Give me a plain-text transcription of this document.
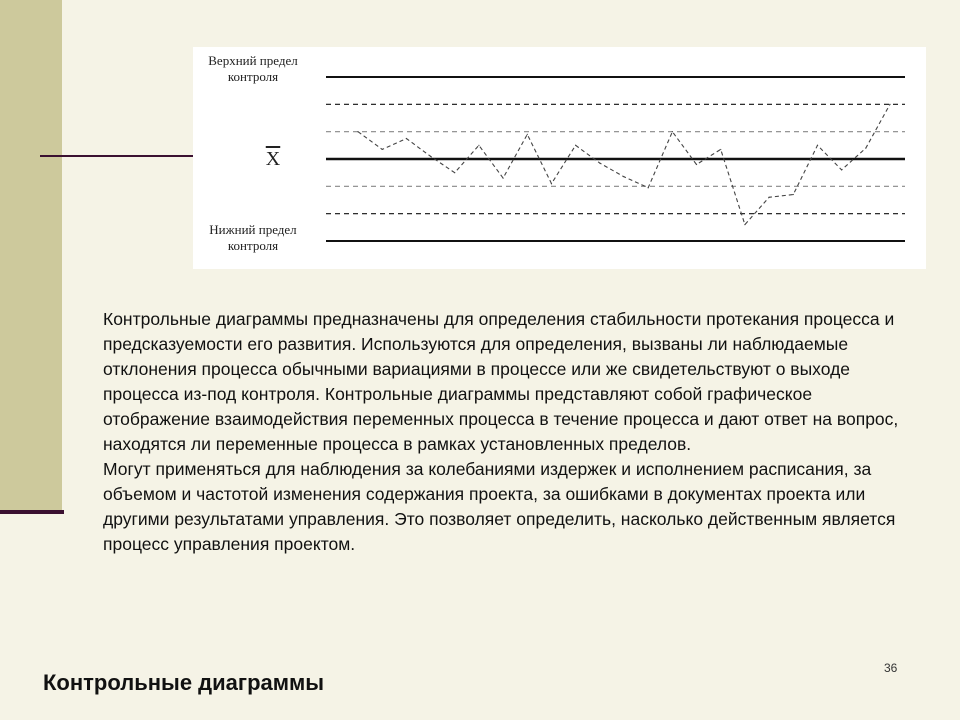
Верхний предел
контроля
$\overline{X}$
Нижний предел
контроля

Контрольные диаграммы предназначены для определения стабильности протекания процесса и предсказуемости его развития. Используются для определения, вызваны ли наблюдаемые отклонения процесса обычными вариациями в процессе или же свидетельствуют о выходе процесса из-под контроля. Контрольные диаграммы представляют собой графическое отображение взаимодействия переменных процесса в течение процесса и дают ответ на вопрос, находятся ли переменные процесса в рамках установленных пределов.

Могут применяться для наблюдения за колебаниями издержек и исполнением расписания, за объемом и частотой изменения содержания проекта, за ошибками в документах проекта или другими результатами управления. Это позволяет определить, насколько действенным является процесс управления проектом.

Контрольные диаграммы
36
